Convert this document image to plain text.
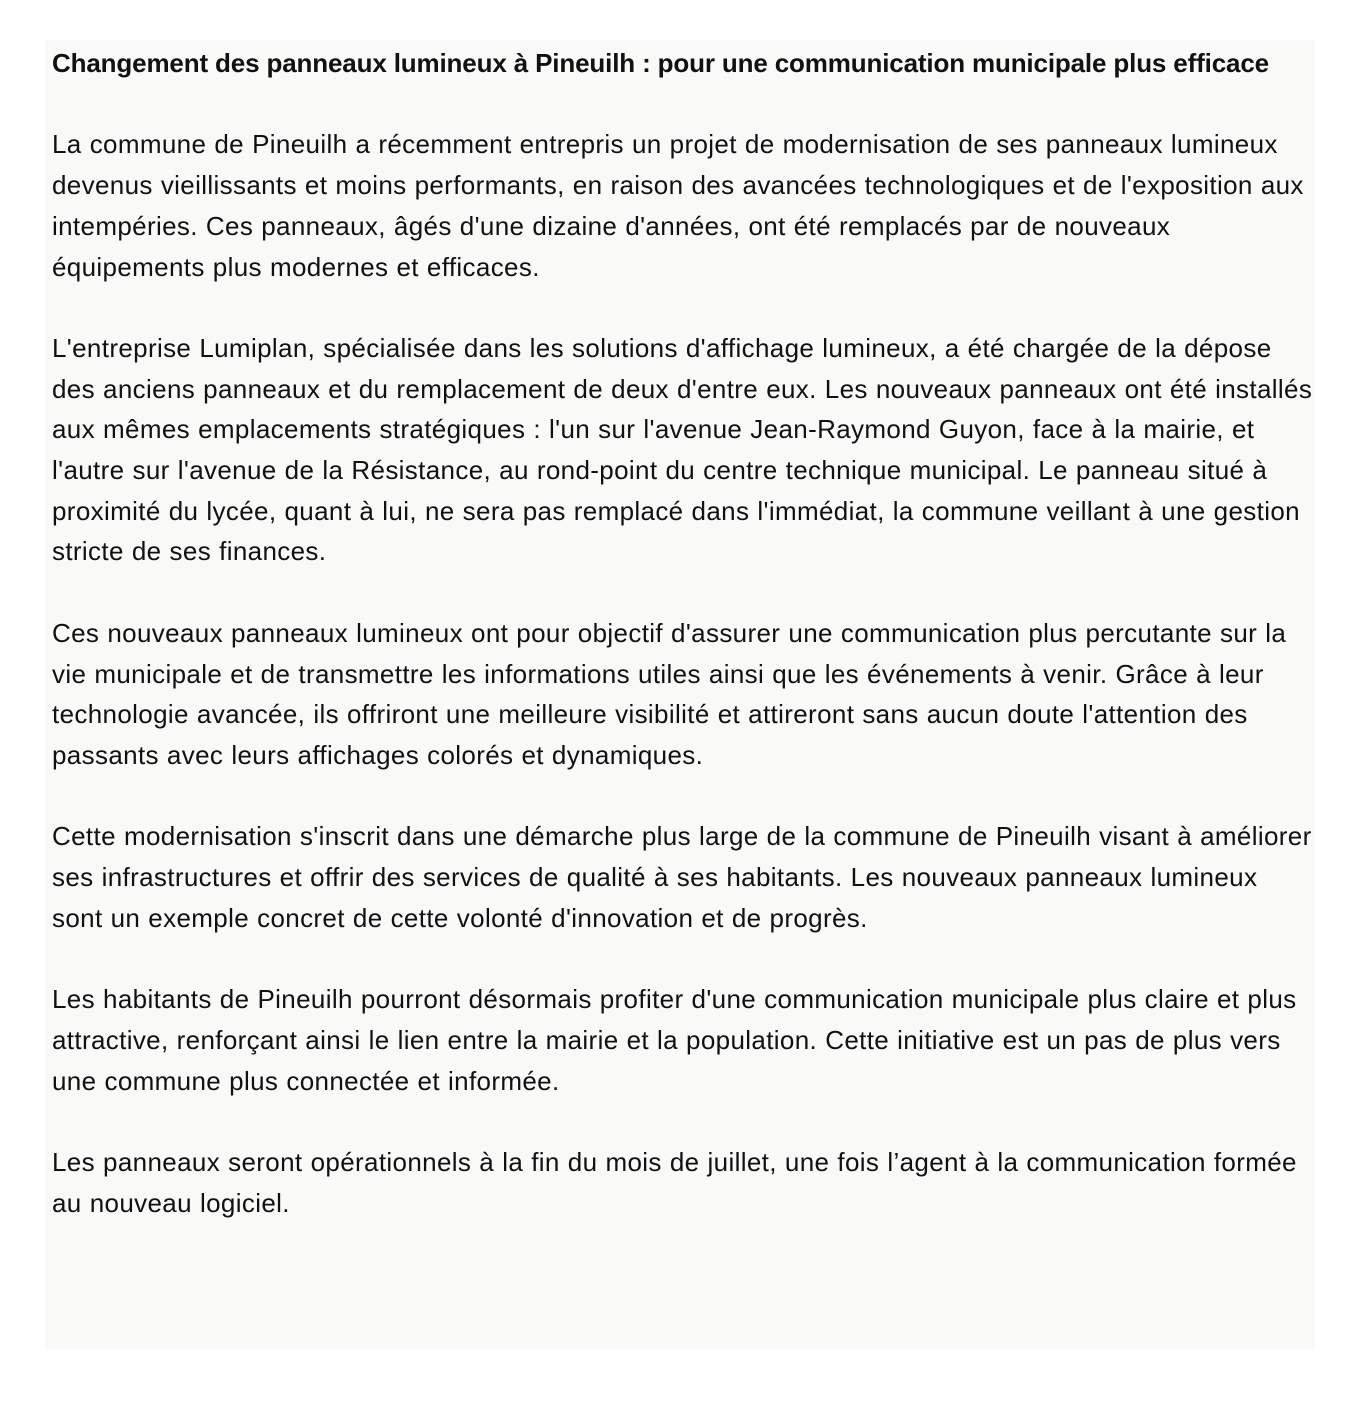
Changement des panneaux lumineux à Pineuilh : pour une communication municipale plus efficace

La commune de Pineuilh a récemment entrepris un projet de modernisation de ses panneaux lumineux devenus vieillissants et moins performants, en raison des avancées technologiques et de l'exposition aux intempéries. Ces panneaux, âgés d'une dizaine d'années, ont été remplacés par de nouveaux équipements plus modernes et efficaces.

L'entreprise Lumiplan, spécialisée dans les solutions d'affichage lumineux, a été chargée de la dépose des anciens panneaux et du remplacement de deux d'entre eux. Les nouveaux panneaux ont été installés aux mêmes emplacements stratégiques : l'un sur l'avenue Jean-Raymond Guyon, face à la mairie, et l'autre sur l'avenue de la Résistance, au rond-point du centre technique municipal. Le panneau situé à proximité du lycée, quant à lui, ne sera pas remplacé dans l'immédiat, la commune veillant à une gestion stricte de ses finances.

Ces nouveaux panneaux lumineux ont pour objectif d'assurer une communication plus percutante sur la vie municipale et de transmettre les informations utiles ainsi que les événements à venir. Grâce à leur technologie avancée, ils offriront une meilleure visibilité et attireront sans aucun doute l'attention des passants avec leurs affichages colorés et dynamiques.

Cette modernisation s'inscrit dans une démarche plus large de la commune de Pineuilh visant à améliorer ses infrastructures et offrir des services de qualité à ses habitants. Les nouveaux panneaux lumineux sont un exemple concret de cette volonté d'innovation et de progrès.

Les habitants de Pineuilh pourront désormais profiter d'une communication municipale plus claire et plus attractive, renforçant ainsi le lien entre la mairie et la population. Cette initiative est un pas de plus vers une commune plus connectée et informée.

Les panneaux seront opérationnels à la fin du mois de juillet, une fois l’agent à la communication formée au nouveau logiciel.
